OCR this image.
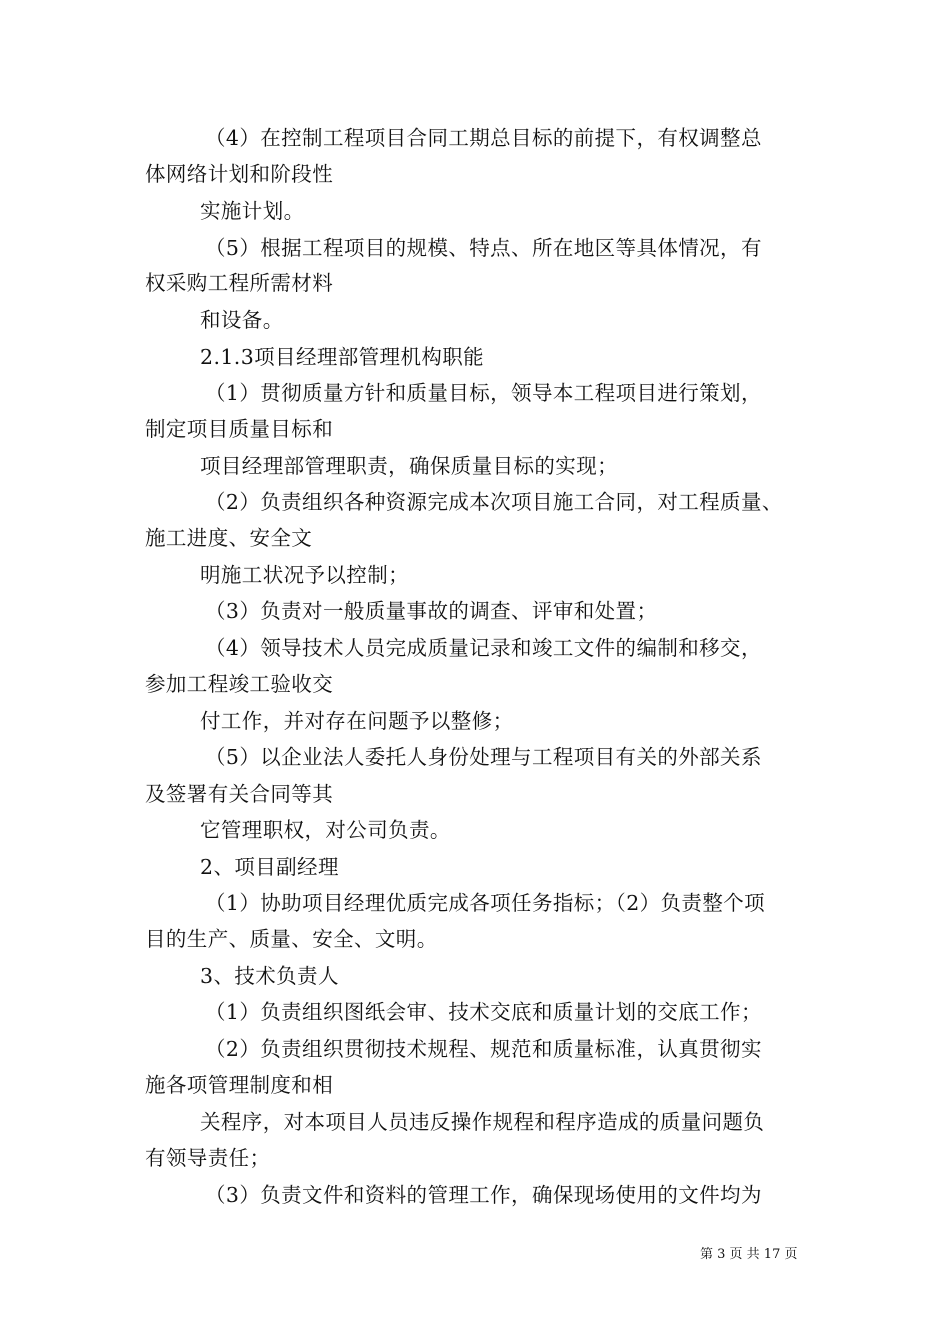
（4）在控制工程项目合同工期总目标的前提下，有权调整总
体网络计划和阶段性
实施计划。
（5）根据工程项目的规模、特点、所在地区等具体情况，有
权采购工程所需材料
和设备。
2.1.3项目经理部管理机构职能
（1）贯彻质量方针和质量目标，领导本工程项目进行策划，
制定项目质量目标和
项目经理部管理职责，确保质量目标的实现；
（2）负责组织各种资源完成本次项目施工合同，对工程质量、
施工进度、安全文
明施工状况予以控制；
（3）负责对一般质量事故的调查、评审和处置；
（4）领导技术人员完成质量记录和竣工文件的编制和移交，
参加工程竣工验收交
付工作，并对存在问题予以整修；
（5）以企业法人委托人身份处理与工程项目有关的外部关系
及签署有关合同等其
它管理职权，对公司负责。
2、项目副经理
（1）协助项目经理优质完成各项任务指标；（2）负责整个项
目的生产、质量、安全、文明。
3、技术负责人
（1）负责组织图纸会审、技术交底和质量计划的交底工作；
（2）负责组织贯彻技术规程、规范和质量标准，认真贯彻实
施各项管理制度和相
关程序，对本项目人员违反操作规程和程序造成的质量问题负
有领导责任；
（3）负责文件和资料的管理工作，确保现场使用的文件均为
第 3 页 共 17 页
